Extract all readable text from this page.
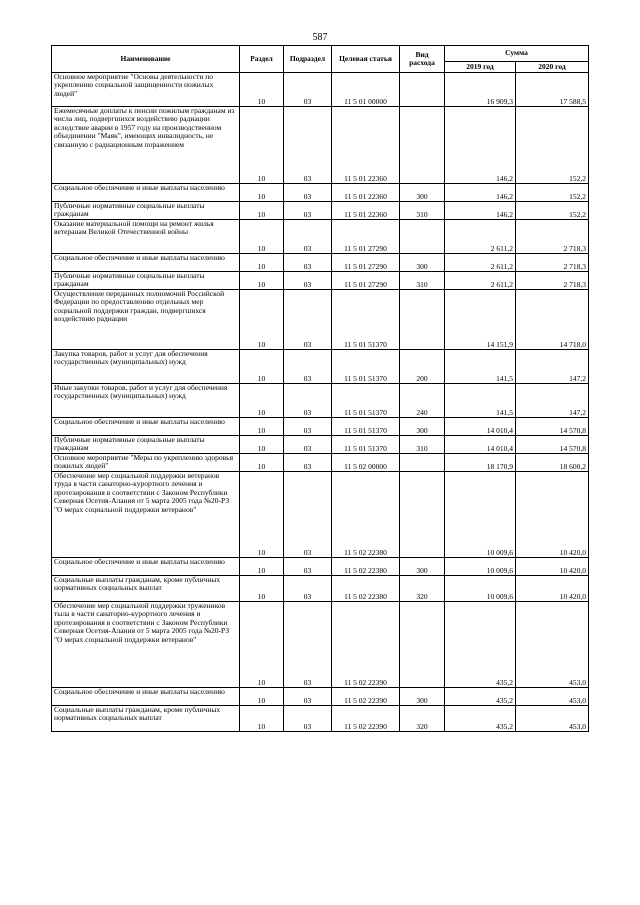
587
Наименование	Раздел	Подраздел	Целевая статья	Вид расхода	Сумма	
					2019 год	2020 год
Основное мероприятие "Основы деятельности по укреплению социальной защищенности пожилых людей"	10	03	11 5 01 00000		16 909,3	17 588,5
Ежемесячные доплаты к пенсии пожилым гражданам из числа лиц, подвергшихся воздействию радиации вследствие аварии в 1957 году на производственном объединении "Маяк", имеющих инвалидность, не связанную с радиационным поражением	10	03	11 5 01 22360		146,2	152,2
Социальное обеспечение и иные выплаты населению	10	03	11 5 01 22360	300	146,2	152,2
Публичные нормативные социальные выплаты гражданам	10	03	11 5 01 22360	310	146,2	152,2
Оказание материальной помощи на ремонт жилья ветеранам Великой Отечественной войны	10	03	11 5 01 27290		2 611,2	2 718,3
Социальное обеспечение и иные выплаты населению	10	03	11 5 01 27290	300	2 611,2	2 718,3
Публичные нормативные социальные выплаты гражданам	10	03	11 5 01 27290	310	2 611,2	2 718,3
Осуществление переданных полномочий Российской Федерации по предоставлению отдельных мер социальной поддержки граждан, подвергшихся воздействию радиации	10	03	11 5 01 51370		14 151,9	14 718,0
Закупка товаров, работ и услуг для обеспечения государственных (муниципальных) нужд	10	03	11 5 01 51370	200	141,5	147,2
Иные закупки товаров, работ и услуг для обеспечения государственных (муниципальных) нужд	10	03	11 5 01 51370	240	141,5	147,2
Социальное обеспечение и иные выплаты населению	10	03	11 5 01 51370	300	14 010,4	14 570,8
Публичные нормативные социальные выплаты гражданам	10	03	11 5 01 51370	310	14 010,4	14 570,8
Основное мероприятие "Меры по укреплению здоровья пожилых людей"	10	03	11 5 02 00000		18 170,9	18 600,2
Обеспечение мер социальной поддержки ветеранов труда в части санаторно-курортного лечения и протезирования в соответствии с Законом Республики Северная Осетия-Алания от 5 марта 2005 года №20-РЗ "О мерах социальной поддержки ветеранов"	10	03	11 5 02 22380		10 009,6	10 420,0
Социальное обеспечение и иные выплаты населению	10	03	11 5 02 22380	300	10 009,6	10 420,0
Социальные выплаты гражданам, кроме публичных нормативных социальных выплат	10	03	11 5 02 22380	320	10 009,6	10 420,0
Обеспечение мер социальной поддержки тружеников тыла в части санаторно-курортного лечения и протезирования в соответствии с Законом Республики Северная Осетия-Алания от 5 марта 2005 года №20-РЗ "О мерах социальной поддержки ветеранов"	10	03	11 5 02 22390		435,2	453,0
Социальное обеспечение и иные выплаты населению	10	03	11 5 02 22390	300	435,2	453,0
Социальные выплаты гражданам, кроме публичных нормативных социальных выплат	10	03	11 5 02 22390	320	435,2	453,0
